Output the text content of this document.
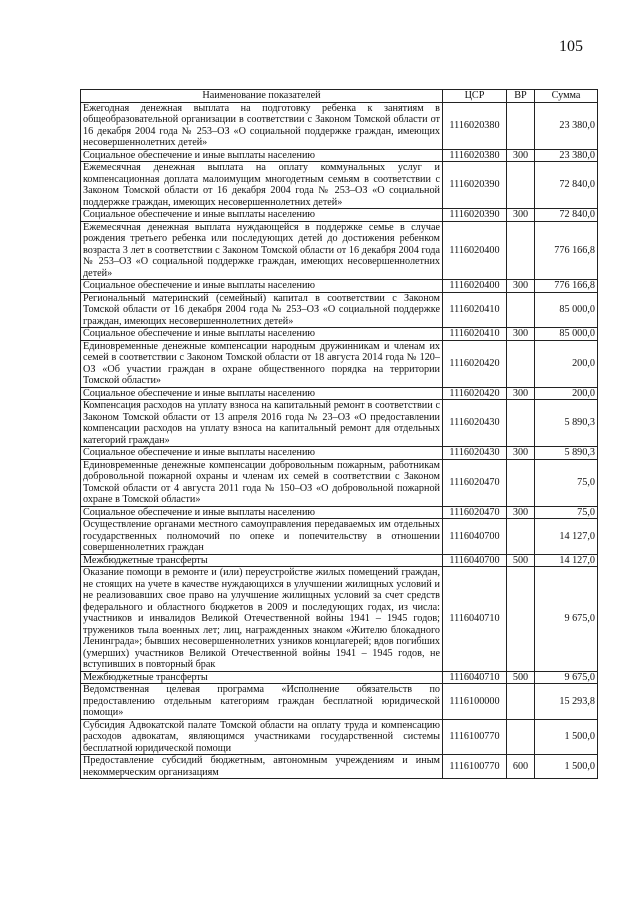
105
Наименование показателей	ЦСР	ВР	Сумма
Ежегодная денежная выплата на подготовку ребенка к занятиям в общеобразовательной организации в соответствии с Законом Томской области от 16 декабря 2004 года № 253–ОЗ «О социальной поддержке граждан, имеющих несовершеннолетних детей»	1116020380		23 380,0
Социальное обеспечение и иные выплаты населению	1116020380	300	23 380,0
Ежемесячная денежная выплата на оплату коммунальных услуг и компенсационная доплата малоимущим многодетным семьям в соответствии с Законом Томской области от 16 декабря 2004 года № 253–ОЗ «О социальной поддержке граждан, имеющих несовершеннолетних детей»	1116020390		72 840,0
Социальное обеспечение и иные выплаты населению	1116020390	300	72 840,0
Ежемесячная денежная выплата нуждающейся в поддержке семье в случае рождения третьего ребенка или последующих детей до достижения ребенком возраста 3 лет в соответствии с Законом Томской области от 16 декабря 2004 года № 253–ОЗ «О социальной поддержке граждан, имеющих несовершеннолетних детей»	1116020400		776 166,8
Социальное обеспечение и иные выплаты населению	1116020400	300	776 166,8
Региональный материнский (семейный) капитал в соответствии с Законом Томской области от 16 декабря 2004 года № 253–ОЗ «О социальной поддержке граждан, имеющих несовершеннолетних детей»	1116020410		85 000,0
Социальное обеспечение и иные выплаты населению	1116020410	300	85 000,0
Единовременные денежные компенсации народным дружинникам и членам их семей в соответствии с Законом Томской области от 18 августа 2014 года № 120–ОЗ «Об участии граждан в охране общественного порядка на территории Томской области»	1116020420		200,0
Социальное обеспечение и иные выплаты населению	1116020420	300	200,0
Компенсация расходов на уплату взноса на капитальный ремонт в соответствии с Законом Томской области от 13 апреля 2016 года № 23–ОЗ «О предоставлении компенсации расходов на уплату взноса на капитальный ремонт для отдельных категорий граждан»	1116020430		5 890,3
Социальное обеспечение и иные выплаты населению	1116020430	300	5 890,3
Единовременные денежные компенсации добровольным пожарным, работникам добровольной пожарной охраны и членам их семей в соответствии с Законом Томской области от 4 августа 2011 года № 150–ОЗ «О добровольной пожарной охране в Томской области»	1116020470		75,0
Социальное обеспечение и иные выплаты населению	1116020470	300	75,0
Осуществление органами местного самоуправления передаваемых им отдельных государственных полномочий по опеке и попечительству в отношении совершеннолетних граждан	1116040700		14 127,0
Межбюджетные трансферты	1116040700	500	14 127,0
Оказание помощи в ремонте и (или) переустройстве жилых помещений граждан, не стоящих на учете в качестве нуждающихся в улучшении жилищных условий и не реализовавших свое право на улучшение жилищных условий за счет средств федерального и областного бюджетов в 2009 и последующих годах, из числа: участников и инвалидов Великой Отечественной войны 1941 – 1945 годов; тружеников тыла военных лет; лиц, награжденных знаком «Жителю блокадного Ленинграда»; бывших несовершеннолетних узников концлагерей; вдов погибших (умерших) участников Великой Отечественной войны 1941 – 1945 годов, не вступивших в повторный брак	1116040710		9 675,0
Межбюджетные трансферты	1116040710	500	9 675,0
Ведомственная целевая программа «Исполнение обязательств по предоставлению отдельным категориям граждан бесплатной юридической помощи»	1116100000		15 293,8
Субсидия Адвокатской палате Томской области на оплату труда и компенсацию расходов адвокатам, являющимся участниками государственной системы бесплатной юридической помощи	1116100770		1 500,0
Предоставление субсидий бюджетным, автономным учреждениям и иным некоммерческим организациям	1116100770	600	1 500,0
